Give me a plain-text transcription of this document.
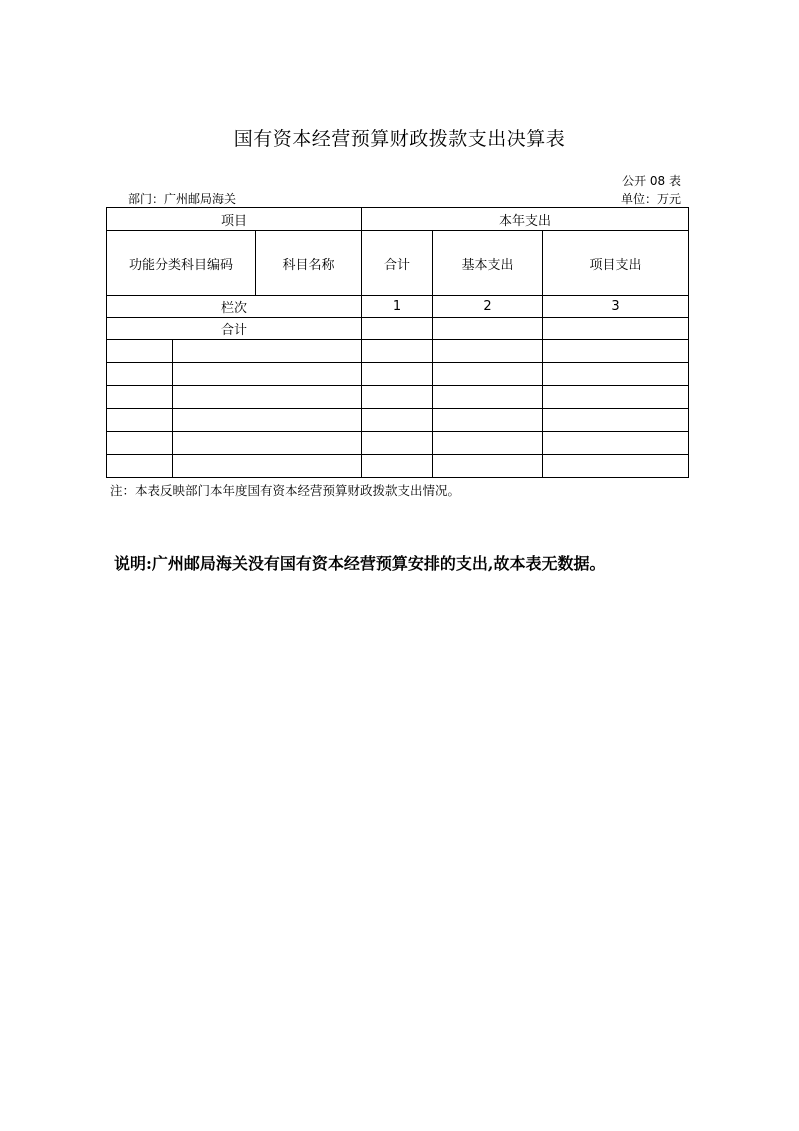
国有资本经营预算财政拨款支出决算表
公开 08 表
部门：广州邮局海关	单位：万元
项目			本年支出		
功能分类科目编码		科目名称	合计	基本支出	项目支出
栏次			1	2	3
合计					

注：本表反映部门本年度国有资本经营预算财政拨款支出情况。
说明:广州邮局海关没有国有资本经营预算安排的支出,故本表无数据。
